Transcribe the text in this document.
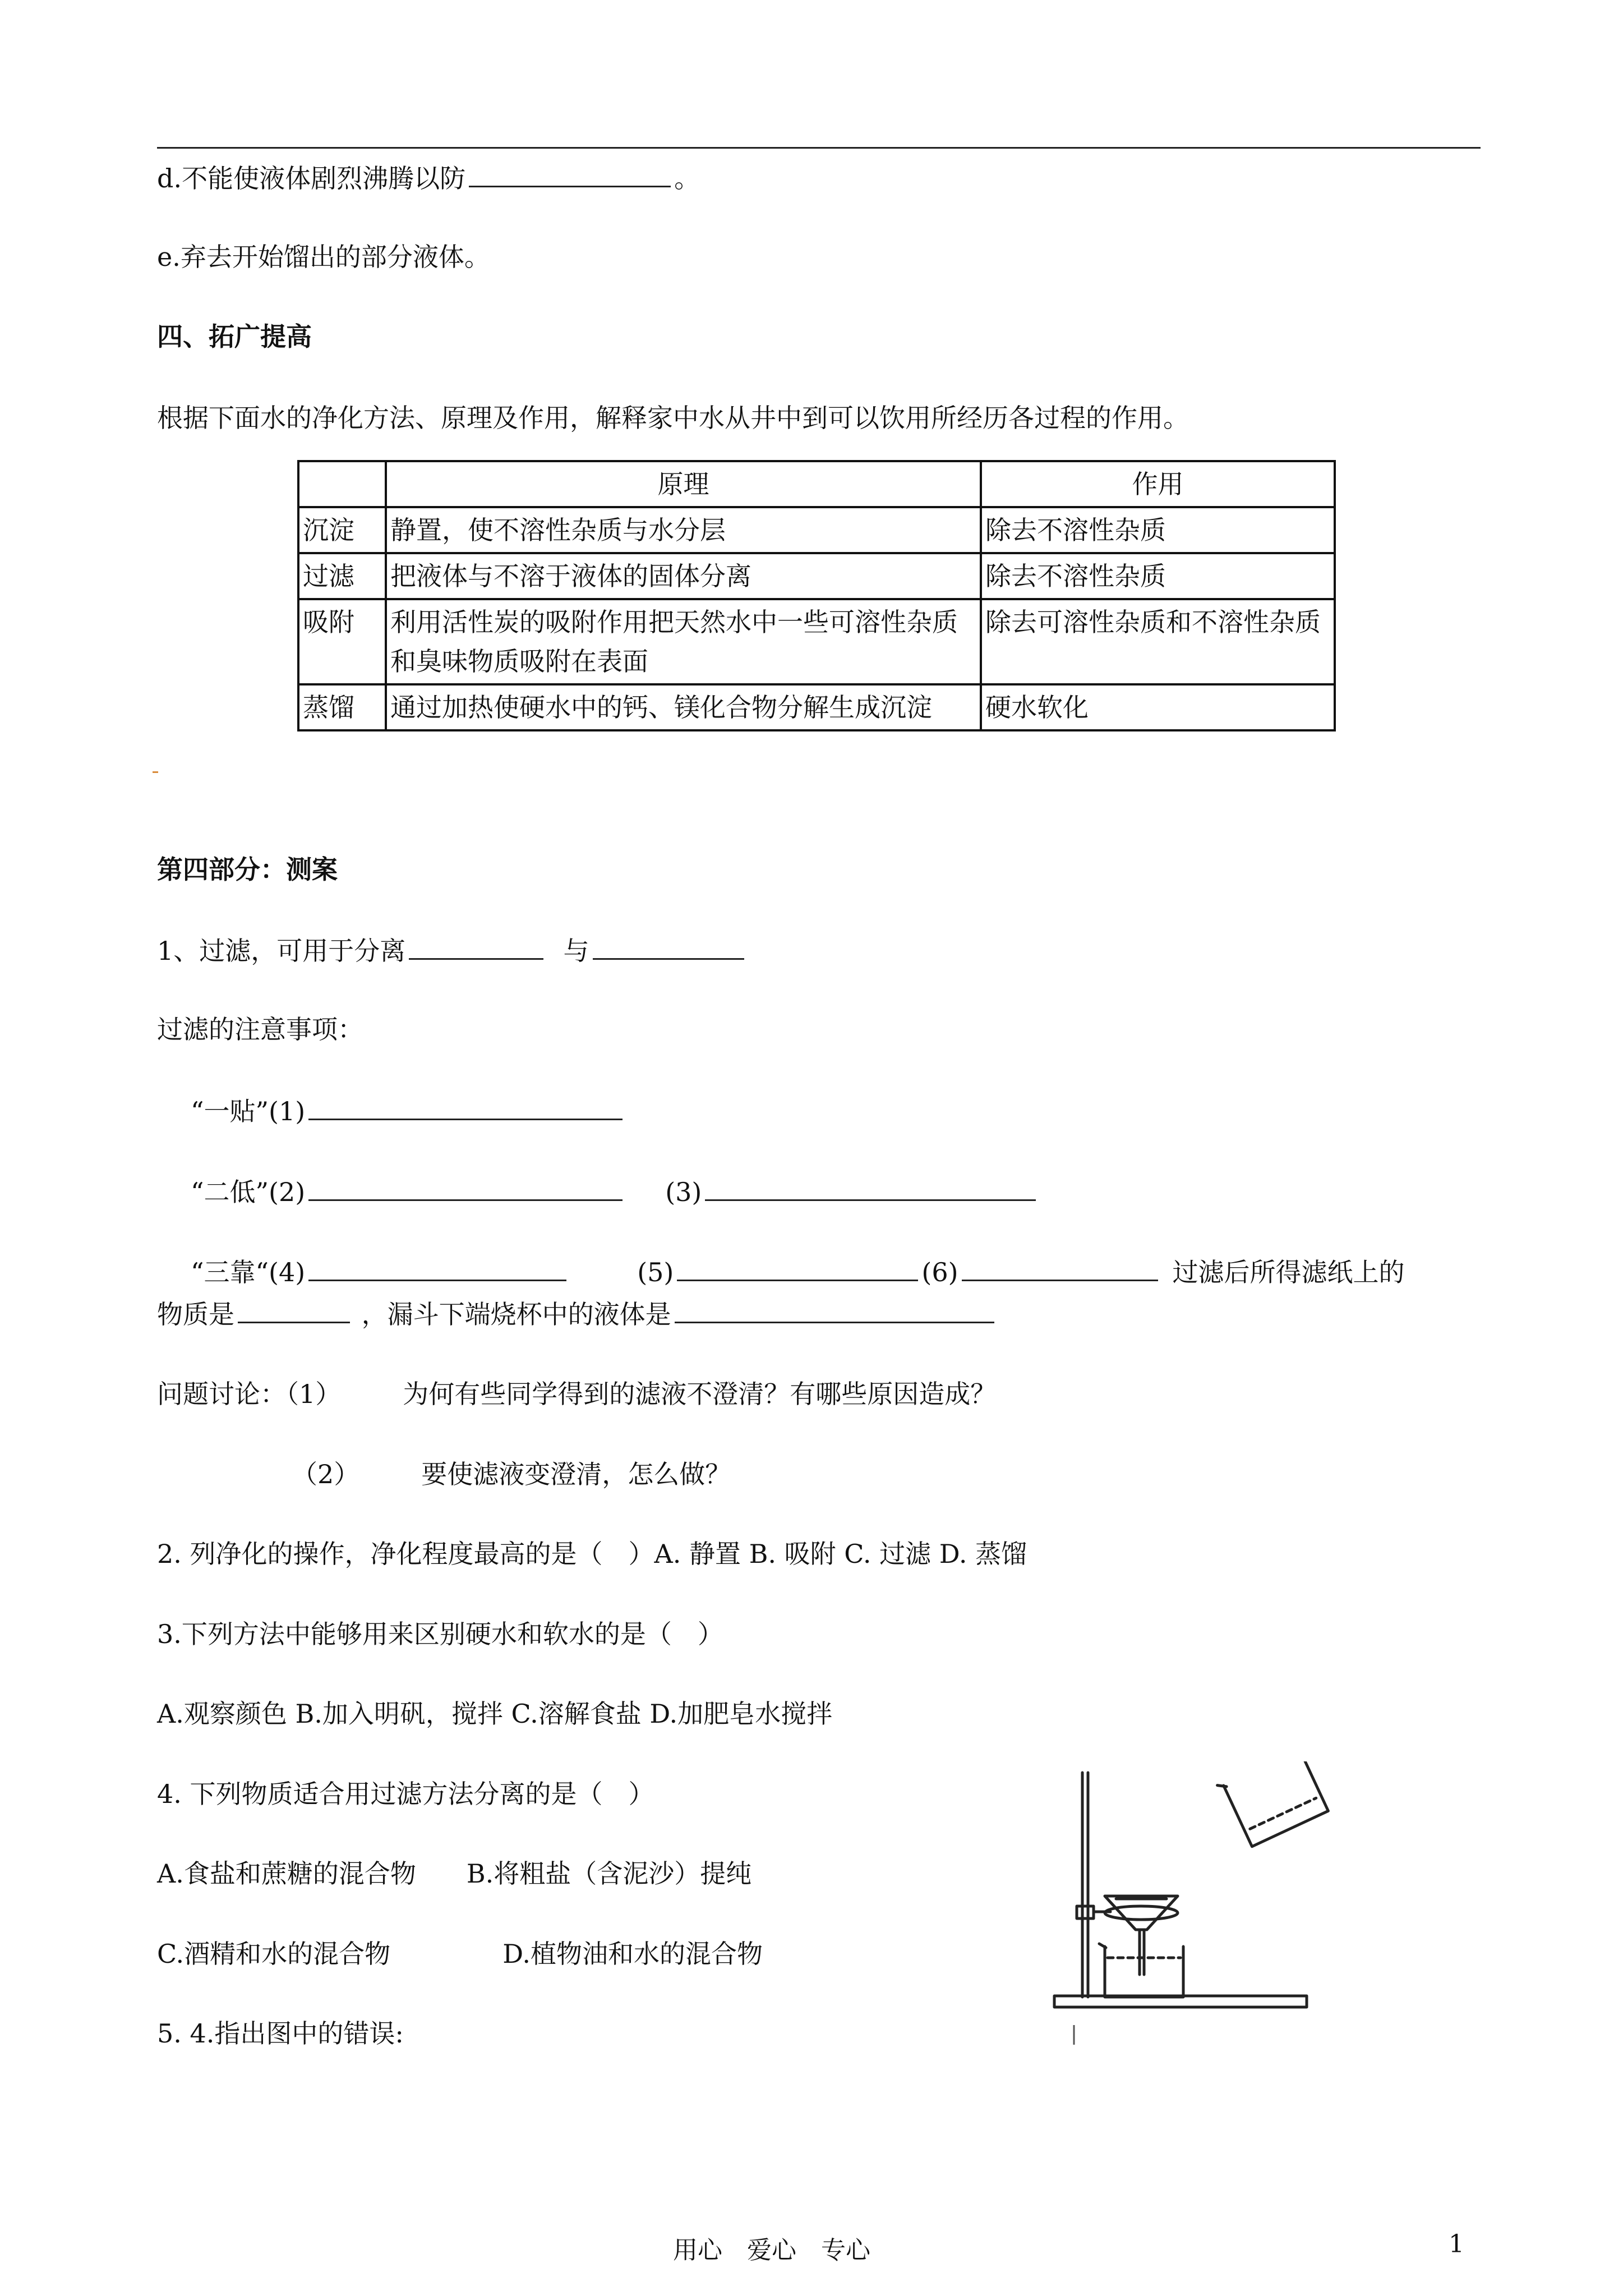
d.不能使液体剧烈沸腾以防	。
e.弃去开始馏出的部分液体。
四、拓广提高
根据下面水的净化方法、原理及作用，解释家中水从井中到可以饮用所经历各过程的作用。
	原理	作用
沉淀	静置，使不溶性杂质与水分层	除去不溶性杂质
过滤	把液体与不溶于液体的固体分离	除去不溶性杂质
吸附	利用活性炭的吸附作用把天然水中一些可溶性杂质和臭味物质吸附在表面	除去可溶性杂质和不溶性杂质
蒸馏	通过加热使硬水中的钙、镁化合物分解生成沉淀	硬水软化
第四部分：测案
1、过滤，可用于分离	与
过滤的注意事项：
“一贴”(1)
“二低”(2)	(3)
“三靠“(4)	(5)	(6)	过滤后所得滤纸上的
物质是	，漏斗下端烧杯中的液体是
问题讨论：（1） 为何有些同学得到的滤液不澄清？有哪些原因造成？
（2） 要使滤液变澄清，怎么做？
2. 列净化的操作，净化程度最高的是（　）A. 静置 B. 吸附 C. 过滤 D. 蒸馏
3.下列方法中能够用来区别硬水和软水的是（　）
A.观察颜色 B.加入明矾，搅拌 C.溶解食盐 D.加肥皂水搅拌
4. 下列物质适合用过滤方法分离的是（　）
A.食盐和蔗糖的混合物 B.将粗盐（含泥沙）提纯
C.酒精和水的混合物	D.植物油和水的混合物
5. 4.指出图中的错误:
用心　爱心　专心	1
